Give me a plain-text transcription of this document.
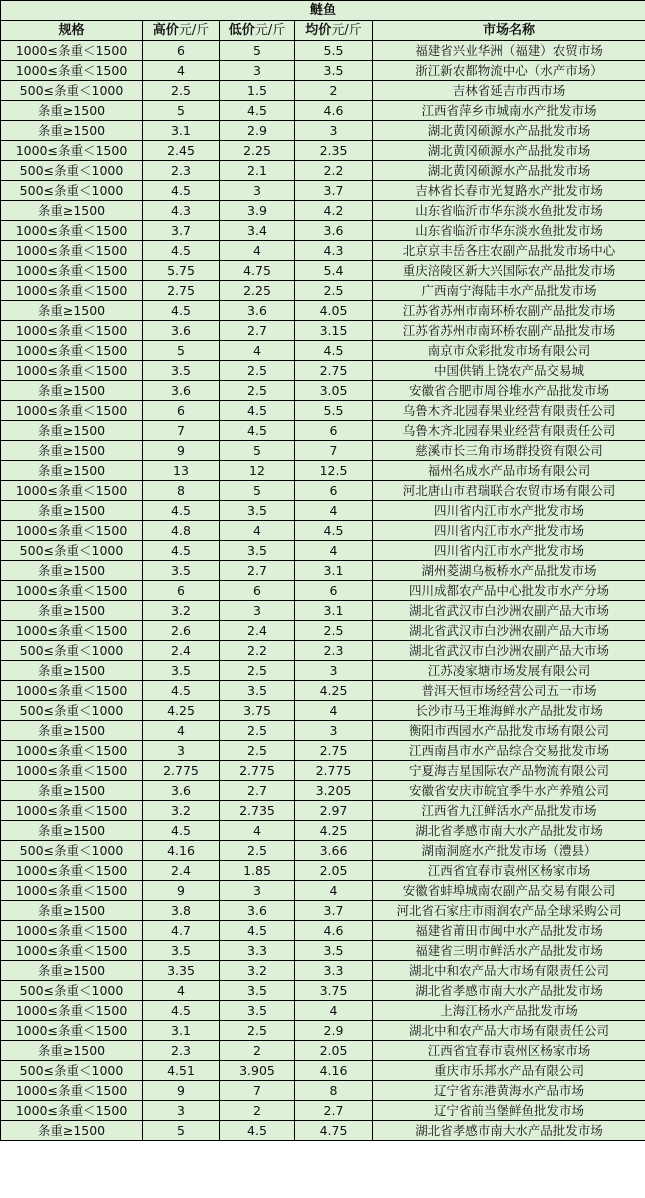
鲢鱼				
规格	高价元/斤	低价元/斤	均价元/斤	市场名称
1000≤条重＜1500	6	5	5.5	福建省兴业华洲（福建）农贸市场
1000≤条重＜1500	4	3	3.5	浙江新农都物流中心（水产市场）
500≤条重＜1000	2.5	1.5	2	吉林省延吉市西市场
条重≥1500	5	4.5	4.6	江西省萍乡市城南水产批发市场
条重≥1500	3.1	2.9	3	湖北黄冈硕源水产品批发市场
1000≤条重＜1500	2.45	2.25	2.35	湖北黄冈硕源水产品批发市场
500≤条重＜1000	2.3	2.1	2.2	湖北黄冈硕源水产品批发市场
500≤条重＜1000	4.5	3	3.7	吉林省长春市光复路水产批发市场
条重≥1500	4.3	3.9	4.2	山东省临沂市华东淡水鱼批发市场
1000≤条重＜1500	3.7	3.4	3.6	山东省临沂市华东淡水鱼批发市场
1000≤条重＜1500	4.5	4	4.3	北京京丰岳各庄农副产品批发市场中心
1000≤条重＜1500	5.75	4.75	5.4	重庆涪陵区新大兴国际农产品批发市场
1000≤条重＜1500	2.75	2.25	2.5	广西南宁海陆丰水产品批发市场
条重≥1500	4.5	3.6	4.05	江苏省苏州市南环桥农副产品批发市场
1000≤条重＜1500	3.6	2.7	3.15	江苏省苏州市南环桥农副产品批发市场
1000≤条重＜1500	5	4	4.5	南京市众彩批发市场有限公司
1000≤条重＜1500	3.5	2.5	2.75	中国供销上饶农产品交易城
条重≥1500	3.6	2.5	3.05	安徽省合肥市周谷堆水产品批发市场
1000≤条重＜1500	6	4.5	5.5	乌鲁木齐北园春果业经营有限责任公司
条重≥1500	7	4.5	6	乌鲁木齐北园春果业经营有限责任公司
条重≥1500	9	5	7	慈溪市长三角市场群投资有限公司
条重≥1500	13	12	12.5	福州名成水产品市场有限公司
1000≤条重＜1500	8	5	6	河北唐山市君瑞联合农贸市场有限公司
条重≥1500	4.5	3.5	4	四川省内江市水产批发市场
1000≤条重＜1500	4.8	4	4.5	四川省内江市水产批发市场
500≤条重＜1000	4.5	3.5	4	四川省内江市水产批发市场
条重≥1500	3.5	2.7	3.1	湖州菱湖乌板桥水产品批发市场
1000≤条重＜1500	6	6	6	四川成都农产品中心批发市水产分场
条重≥1500	3.2	3	3.1	湖北省武汉市白沙洲农副产品大市场
1000≤条重＜1500	2.6	2.4	2.5	湖北省武汉市白沙洲农副产品大市场
500≤条重＜1000	2.4	2.2	2.3	湖北省武汉市白沙洲农副产品大市场
条重≥1500	3.5	2.5	3	江苏凌家塘市场发展有限公司
1000≤条重＜1500	4.5	3.5	4.25	普洱天恒市场经营公司五一市场
500≤条重＜1000	4.25	3.75	4	长沙市马王堆海鲜水产品批发市场
条重≥1500	4	2.5	3	衡阳市西园水产品批发市场有限公司
1000≤条重＜1500	3	2.5	2.75	江西南昌市水产品综合交易批发市场
1000≤条重＜1500	2.775	2.775	2.775	宁夏海吉星国际农产品物流有限公司
条重≥1500	3.6	2.7	3.205	安徽省安庆市皖宜季牛水产养殖公司
1000≤条重＜1500	3.2	2.735	2.97	江西省九江鲜活水产品批发市场
条重≥1500	4.5	4	4.25	湖北省孝感市南大水产品批发市场
500≤条重＜1000	4.16	2.5	3.66	湖南洞庭水产批发市场（澧县）
1000≤条重＜1500	2.4	1.85	2.05	江西省宜春市袁州区杨家市场
1000≤条重＜1500	9	3	4	安徽省蚌埠城南农副产品交易有限公司
条重≥1500	3.8	3.6	3.7	河北省石家庄市雨润农产品全球采购公司
1000≤条重＜1500	4.7	4.5	4.6	福建省莆田市闽中水产品批发市场
1000≤条重＜1500	3.5	3.3	3.5	福建省三明市鲜活水产品批发市场
条重≥1500	3.35	3.2	3.3	湖北中和农产品大市场有限责任公司
500≤条重＜1000	4	3.5	3.75	湖北省孝感市南大水产品批发市场
1000≤条重＜1500	4.5	3.5	4	上海江杨水产品批发市场
1000≤条重＜1500	3.1	2.5	2.9	湖北中和农产品大市场有限责任公司
条重≥1500	2.3	2	2.05	江西省宜春市袁州区杨家市场
500≤条重＜1000	4.51	3.905	4.16	重庆市乐邦水产品有限公司
1000≤条重＜1500	9	7	8	辽宁省东港黄海水产品市场
1000≤条重＜1500	3	2	2.7	辽宁省前当堡鲜鱼批发市场
条重≥1500	5	4.5	4.75	湖北省孝感市南大水产品批发市场
